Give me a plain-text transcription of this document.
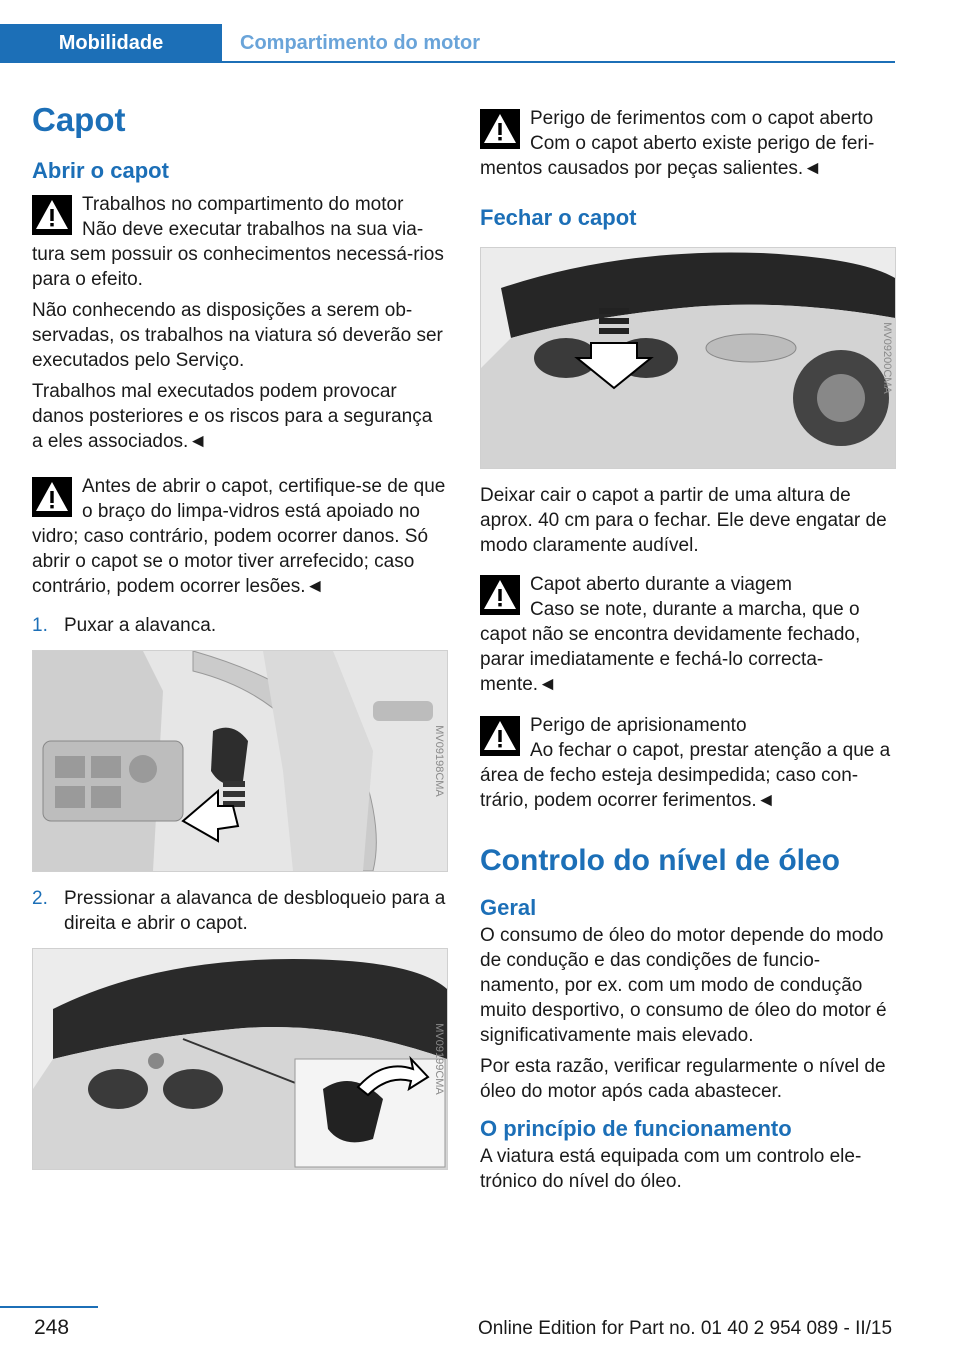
Mobilidade	Compartimento do motor
Capot
Abrir o capot

Trabalhos no compartimento do motor
Não deve executar trabalhos na sua via-tura sem possuir os conhecimentos necessá-rios para o efeito.

Não conhecendo as disposições a serem ob-servadas, os trabalhos na viatura só deverão ser executados pelo Serviço.

Trabalhos mal executados podem provocar danos posteriores e os riscos para a segurança a eles associados.◄

Antes de abrir o capot, certifique-se de que o braço do limpa-vidros está apoiado no vidro; caso contrário, podem ocorrer danos. Só abrir o capot se o motor tiver arrefecido; caso contrário, podem ocorrer lesões.◄

1. Puxar a alavanca.
MV09198CMA
2. Pressionar a alavanca de desbloqueio para a direita e abrir o capot.
MV09199CMA

Perigo de ferimentos com o capot aberto
Com o capot aberto existe perigo de feri-mentos causados por peças salientes.◄

Fechar o capot
MV09200CMA

Deixar cair o capot a partir de uma altura de aprox. 40 cm para o fechar. Ele deve engatar de modo claramente audível.

Capot aberto durante a viagem
Caso se note, durante a marcha, que o capot não se encontra devidamente fechado, parar imediatamente e fechá-lo correcta-mente.◄

Perigo de aprisionamento
Ao fechar o capot, prestar atenção a que a área de fecho esteja desimpedida; caso con-trário, podem ocorrer ferimentos.◄

Controlo do nível de óleo
Geral

O consumo de óleo do motor depende do modo de condução e das condições de funcio-namento, por ex. com um modo de condução muito desportivo, o consumo de óleo do motor é significativamente mais elevado.

Por esta razão, verificar regularmente o nível de óleo do motor após cada abastecer.

O princípio de funcionamento

A viatura está equipada com um controlo ele-trónico do nível do óleo.

248	Online Edition for Part no. 01 40 2 954 089 - II/15
